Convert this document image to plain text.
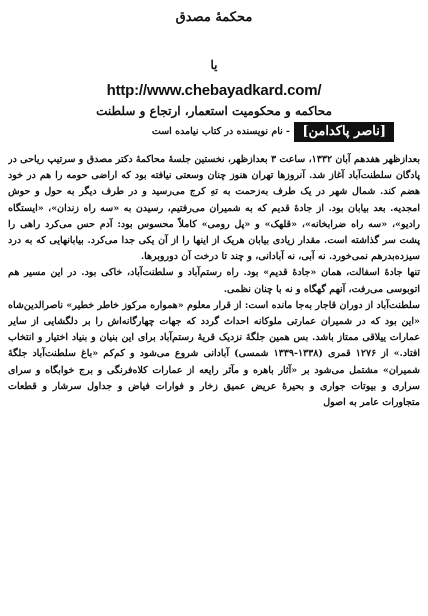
محکمهٔ مصدق
یا
http://www.chebayadkard.com/
محاکمه و محکومیت استعمار، ارتجاع و سلطنت
[ناصر پاکدامن]
- نام نویسنده در کتاب نیامده است

بعدازظهر هفدهم آبان ۱۳۳۲، ساعت ۳ بعدازظهر، نخستین جلسهٔ محاکمهٔ دکتر مصدق و سرتیپ ریاحی در پادگان سلطنت‌آباد آغاز شد. آنروزها تهران هنوز چنان وسعتی نیافته بود که اراضی حومه را هم در خود هضم کند. شمال شهر در یک طرف به‌زحمت به تهِ کرج می‌رسید و در طرف دیگر به حول و حوش امجدیه. بعد بیابان بود. از جادهٔ قدیم که به شمیران می‌رفتیم، رسیدن به «سه راه زندان»، «ایستگاه رادیو»، «سه راه ضرابخانه»، «قلهک» و «پل رومی» کاملاً محسوس بود: آدم حس می‌کرد راهی را پشت سر گذاشته است. مقدار زیادی بیابان هریک از اینها را از آن یکی جدا می‌کرد. بیابانهایی که به درد سیزده‌بدرهم نمی‌خورد. نه آبی، نه آبادانی، و چند تا درخت آن دوروبرها.

تنها جادهٔ اسفالت، همان «جادهٔ قدیم» بود. راه رستم‌آباد و سلطنت‌آباد، خاکی بود. در این مسیر هم اتوبوسی می‌رفت، آنهم گهگاه و نه با چنان نظمی.

سلطنت‌آباد از دوران قاجار به‌جا مانده است: از قرار معلوم «همواره مرکوز خاطر خطیر» ناصرالدین‌شاه «این بود که در شمیران عمارتی ملوکانه احداث گردد که جهات چهارگانه‌اش را بر دلگشایی از سایر عمارات ییلاقی ممتاز باشد. بس همین جلگهٔ نزدیک قریهٔ رستم‌آباد برای این بنیان و بنیاد اختیار و انتخاب افتاد.» از ۱۲۷۶ قمری (۱۳۳۸-۱۳۳۹ شمسی) آبادانی شروع می‌شود و کم‌کم «باغ سلطنت‌آباد جلگهٔ شمیران» مشتمل می‌شود بر «آثار باهره و مآثر رایعه از عمارات کلاه‌فرنگی و برج خوابگاه و سرای سراری و بیوتات جواری و بحیرهٔ عریض عمیق زخار و فوارات فیاض و جداول سرشار و قطعات متجاورات عامر به اصول
